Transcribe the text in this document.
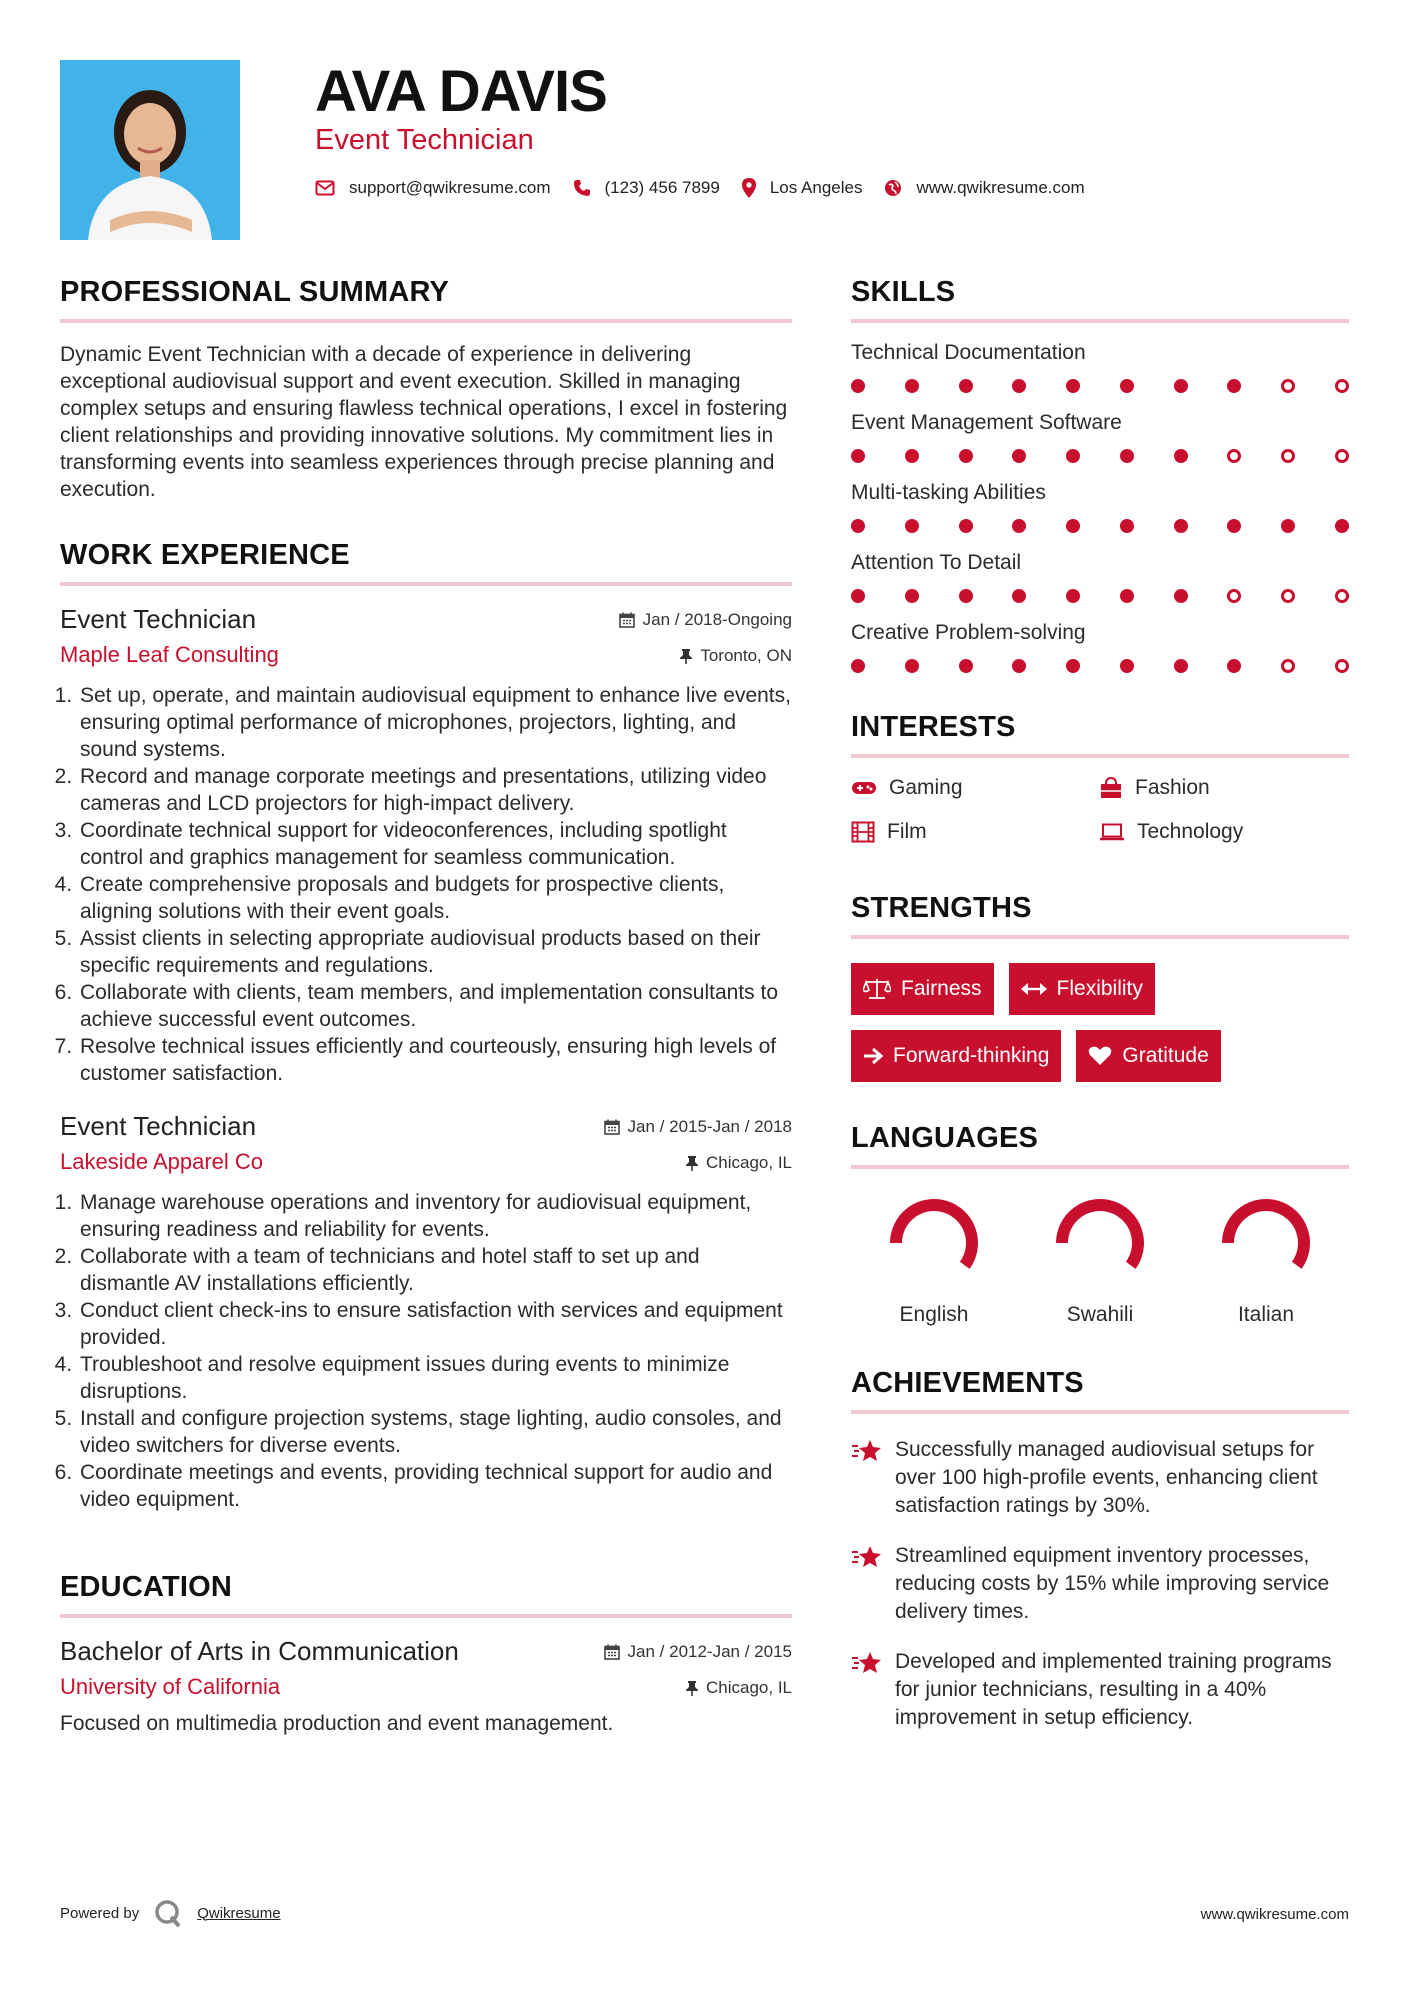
AVA DAVIS
Event Technician
support@qwikresume.com	(123) 456 7899	Los Angeles	www.qwikresume.com
PROFESSIONAL SUMMARY
Dynamic Event Technician with a decade of experience in delivering exceptional audiovisual support and event execution. Skilled in managing complex setups and ensuring flawless technical operations, I excel in fostering client relationships and providing innovative solutions. My commitment lies in transforming events into seamless experiences through precise planning and execution.
WORK EXPERIENCE
Event Technician
Maple Leaf Consulting
Jan / 2018-Ongoing
Toronto, ON
1. Set up, operate, and maintain audiovisual equipment to enhance live events, ensuring optimal performance of microphones, projectors, lighting, and sound systems.
2. Record and manage corporate meetings and presentations, utilizing video cameras and LCD projectors for high-impact delivery.
3. Coordinate technical support for videoconferences, including spotlight control and graphics management for seamless communication.
4. Create comprehensive proposals and budgets for prospective clients, aligning solutions with their event goals.
5. Assist clients in selecting appropriate audiovisual products based on their specific requirements and regulations.
6. Collaborate with clients, team members, and implementation consultants to achieve successful event outcomes.
7. Resolve technical issues efficiently and courteously, ensuring high levels of customer satisfaction.
Event Technician
Lakeside Apparel Co
Jan / 2015-Jan / 2018
Chicago, IL
1. Manage warehouse operations and inventory for audiovisual equipment, ensuring readiness and reliability for events.
2. Collaborate with a team of technicians and hotel staff to set up and dismantle AV installations efficiently.
3. Conduct client check-ins to ensure satisfaction with services and equipment provided.
4. Troubleshoot and resolve equipment issues during events to minimize disruptions.
5. Install and configure projection systems, stage lighting, audio consoles, and video switchers for diverse events.
6. Coordinate meetings and events, providing technical support for audio and video equipment.
EDUCATION
Bachelor of Arts in Communication
University of California
Jan / 2012-Jan / 2015
Chicago, IL
Focused on multimedia production and event management.
SKILLS
Technical Documentation
Event Management Software
Multi-tasking Abilities
Attention To Detail
Creative Problem-solving
INTERESTS
Gaming	Fashion
Film	Technology
STRENGTHS
Fairness	Flexibility
Forward-thinking	Gratitude
LANGUAGES
English	Swahili	Italian
ACHIEVEMENTS
Successfully managed audiovisual setups for over 100 high-profile events, enhancing client satisfaction ratings by 30%.
Streamlined equipment inventory processes, reducing costs by 15% while improving service delivery times.
Developed and implemented training programs for junior technicians, resulting in a 40% improvement in setup efficiency.
Powered by	Qwikresume	www.qwikresume.com
